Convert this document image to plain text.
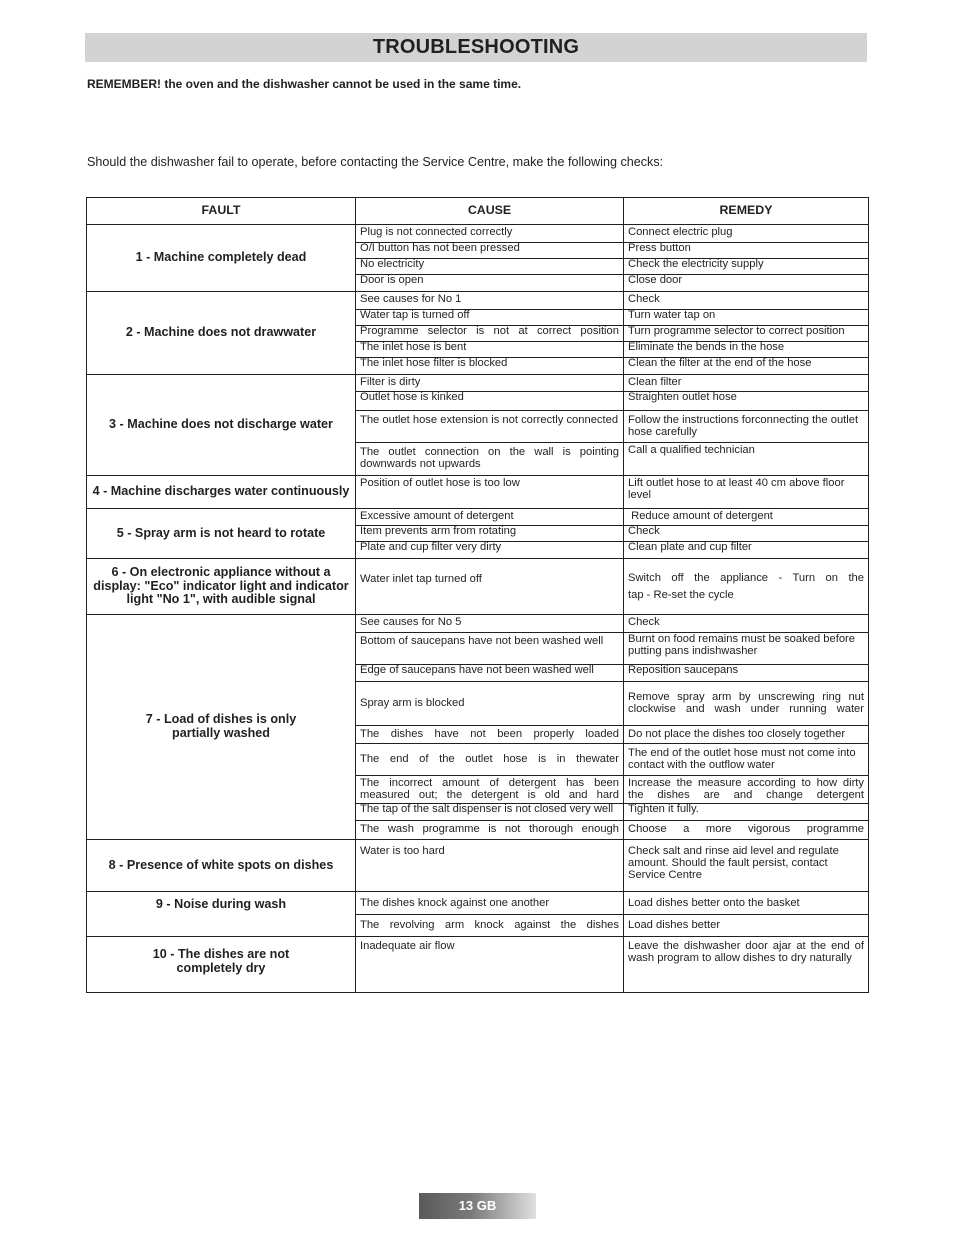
TROUBLESHOOTING

REMEMBER! the oven and the dishwasher cannot be used in the same time.

Should the dishwasher fail to operate, before contacting the Service Centre, make the following checks:

FAULT	CAUSE	REMEDY
1 - Machine completely dead	Plug is not connected correctly	Connect electric plug
	O/I button has not been pressed	Press button
	No electricity	Check the electricity supply
	Door is open	Close door
2 - Machine does not drawwater	See causes for No 1	Check
	Water tap is turned off	Turn water tap on
	Programme selector is not at correct position	Turn programme selector to correct position
	The inlet hose is bent	Eliminate the bends in the hose
	The inlet hose filter is blocked	Clean the filter at the end of the hose
3 - Machine does not discharge water	Filter is dirty	Clean filter
	Outlet hose is kinked	Straighten outlet hose
	The outlet hose extension is not correctly connected	Follow the instructions forconnecting the outlet hose carefully

	The outlet connection on the wall is pointing downwards not upwards	Call a qualified technician
4 - Machine discharges water continuously	Position of outlet hose is too low	Lift outlet hose to at least 40 cm above floor level
5 - Spray arm is not heard to rotate	Excessive amount of detergent	Reduce amount of detergent
	Item prevents arm from rotating	Check
	Plate and cup filter very dirty	Clean plate and cup filter
6 - On electronic appliance without a display: "Eco" indicator light and indicator light "No 1", with audible signal	Water inlet tap turned off	Switch off the appliance - Turn on the
tap - Re-set the cycle

7 - Load of dishes is only partially washed	See causes for No 5	Check
	Bottom of saucepans have not been washed well	Burnt on food remains must be soaked before putting pans indishwasher
	Edge of saucepans have not been washed well	Reposition saucepans
	Spray arm is blocked	Remove spray arm by unscrewing ring nut clockwise and wash under running water

	The dishes have not been properly loaded	Do not place the dishes too closely together
	The end of the outlet hose is in thewater	The end of the outlet hose must not come into contact with the outflow water

	The incorrect amount of detergent has been measured out; the detergent is old and hard	Increase the measure according to how dirty the dishes are and change detergent

	The tap of the salt dispenser is not closed very well	Tighten it fully.
	The wash programme is not thorough enough	Choose a more vigorous programme
8 - Presence of white spots on dishes	Water is too hard	Check salt and rinse aid level and regulate amount. Should the fault persist, contact Service Centre
9 - Noise during wash	The dishes knock against one another	Load dishes better onto the basket
	The revolving arm knock against the dishes	Load dishes better
10 - The dishes are not completely dry	Inadequate air flow	Leave the dishwasher door ajar at the end of wash program to allow dishes to dry naturally
13 GB
